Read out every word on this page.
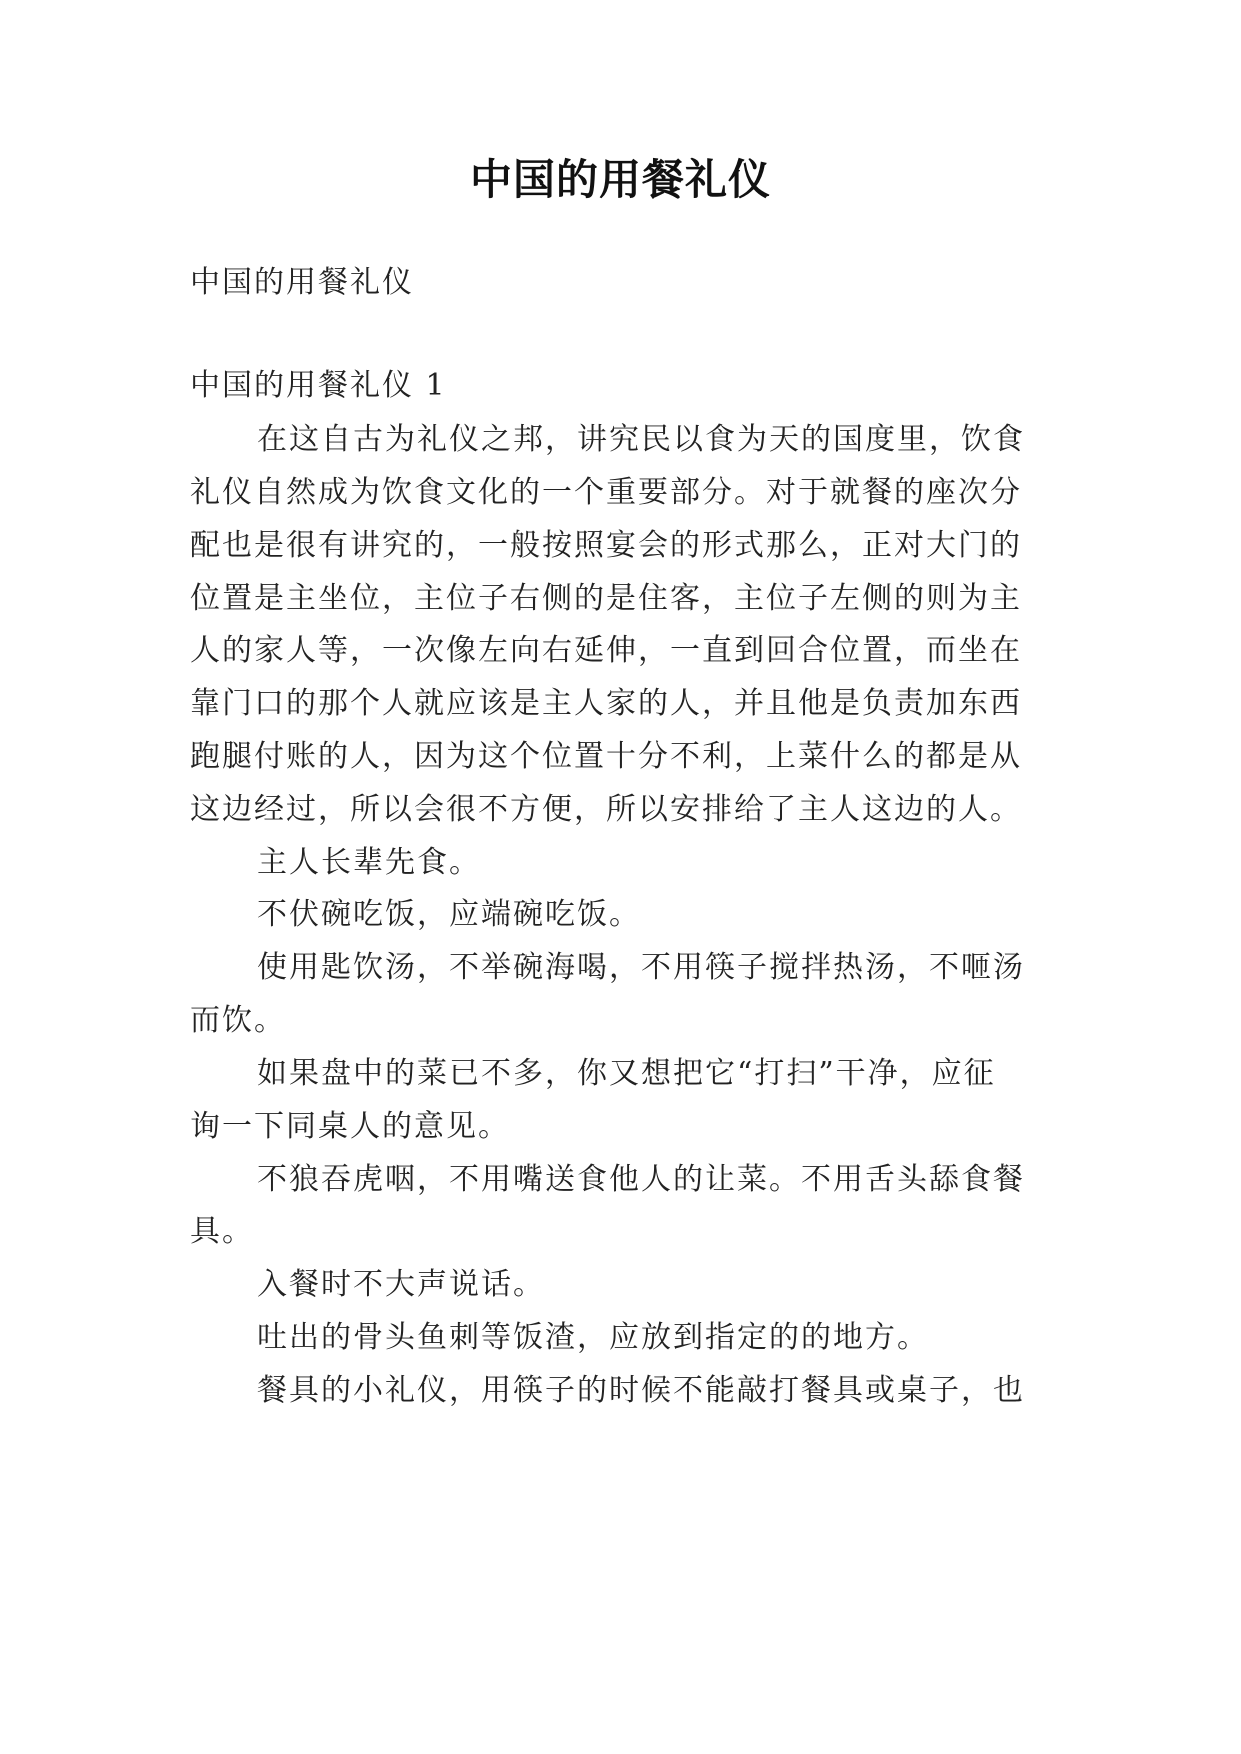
中国的用餐礼仪
中国的用餐礼仪
中国的用餐礼仪 1
在这自古为礼仪之邦，讲究民以食为天的国度里，饮食
礼仪自然成为饮食文化的一个重要部分。对于就餐的座次分
配也是很有讲究的，一般按照宴会的形式那么，正对大门的
位置是主坐位，主位子右侧的是住客，主位子左侧的则为主
人的家人等，一次像左向右延伸，一直到回合位置，而坐在
靠门口的那个人就应该是主人家的人，并且他是负责加东西
跑腿付账的人，因为这个位置十分不利，上菜什么的都是从
这边经过，所以会很不方便，所以安排给了主人这边的人。
主人长辈先食。
不伏碗吃饭，应端碗吃饭。
使用匙饮汤，不举碗海喝，不用筷子搅拌热汤，不咂汤
而饮。
如果盘中的菜已不多，你又想把它“打扫”干净，应征
询一下同桌人的意见。
不狼吞虎咽，不用嘴送食他人的让菜。不用舌头舔食餐
具。
入餐时不大声说话。
吐出的骨头鱼刺等饭渣，应放到指定的的地方。
餐具的小礼仪，用筷子的时候不能敲打餐具或桌子，也
